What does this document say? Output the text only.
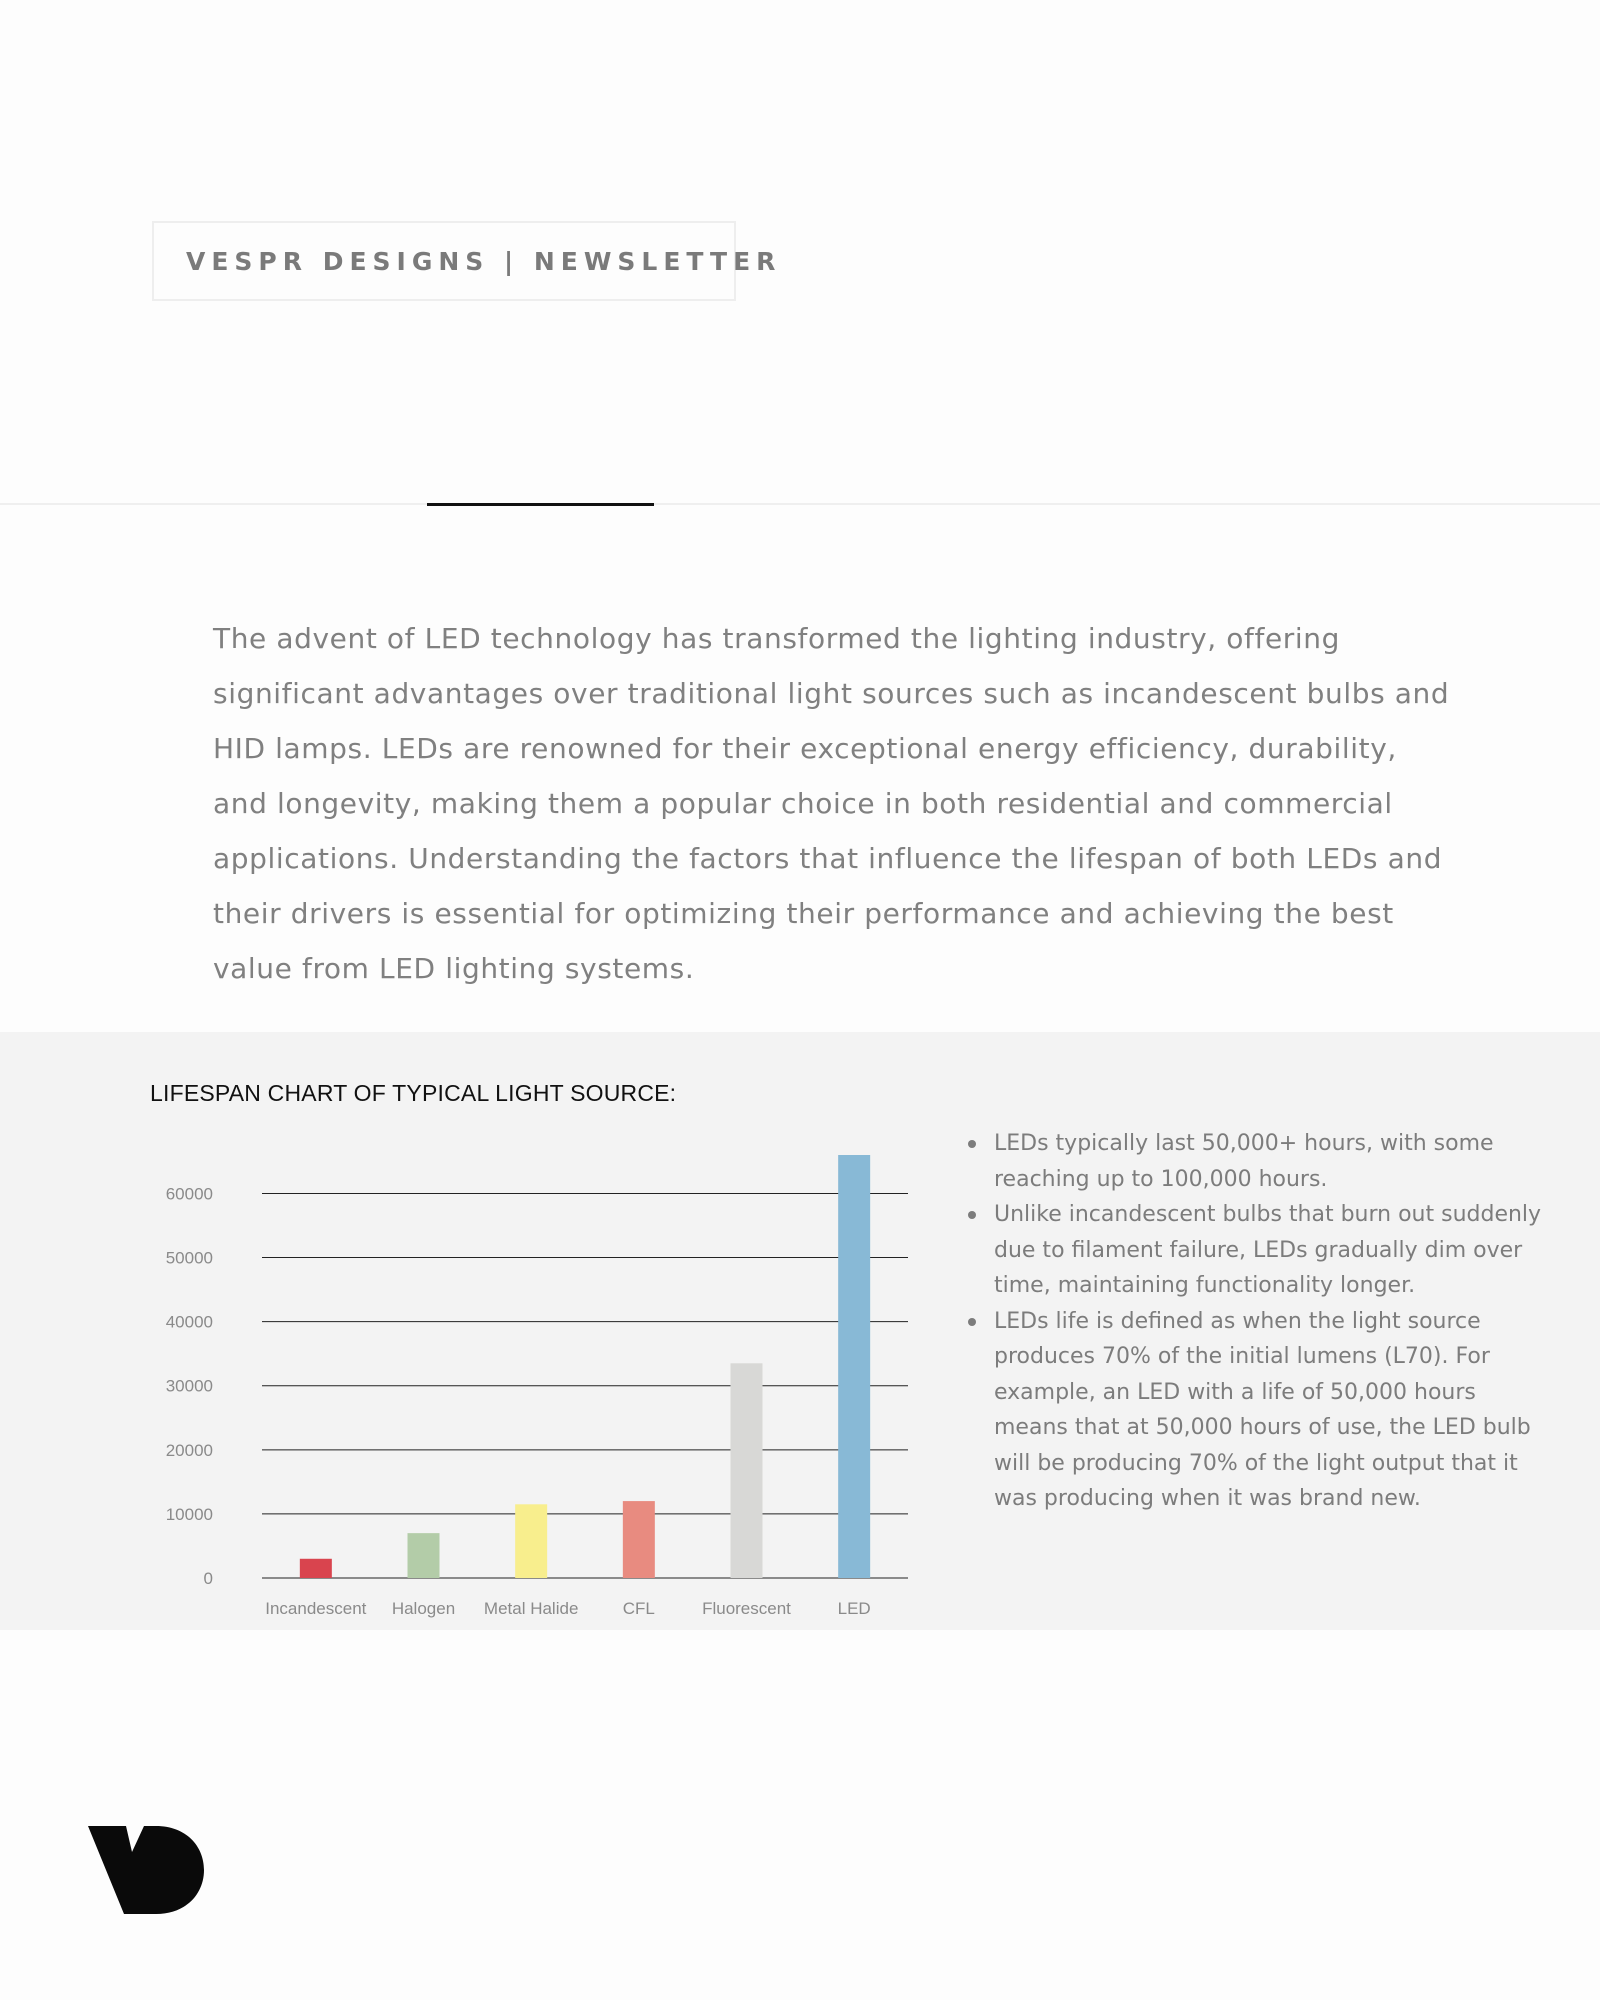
VESPR DESIGNS | NEWSLETTER

The advent of LED technology has transformed the lighting industry, offering significant advantages over traditional light sources such as incandescent bulbs and HID lamps. LEDs are renowned for their exceptional energy efficiency, durability, and longevity, making them a popular choice in both residential and commercial applications. Understanding the factors that influence the lifespan of both LEDs and their drivers is essential for optimizing their performance and achieving the best value from LED lighting systems.

LIFESPAN CHART OF TYPICAL LIGHT SOURCE:
0
10000
20000
30000
40000
50000
60000
Incandescent Halogen Metal Halide	CFL	Fluorescent	LED
LEDs typically last 50,000+ hours, with some reaching up to 100,000 hours.
Unlike incandescent bulbs that burn out suddenly due to filament failure, LEDs gradually dim over time, maintaining functionality longer.
LEDs life is defined as when the light source produces 70% of the initial lumens (L70). For example, an LED with a life of 50,000 hours means that at 50,000 hours of use, the LED bulb will be producing 70% of the light output that it was producing when it was brand new.
